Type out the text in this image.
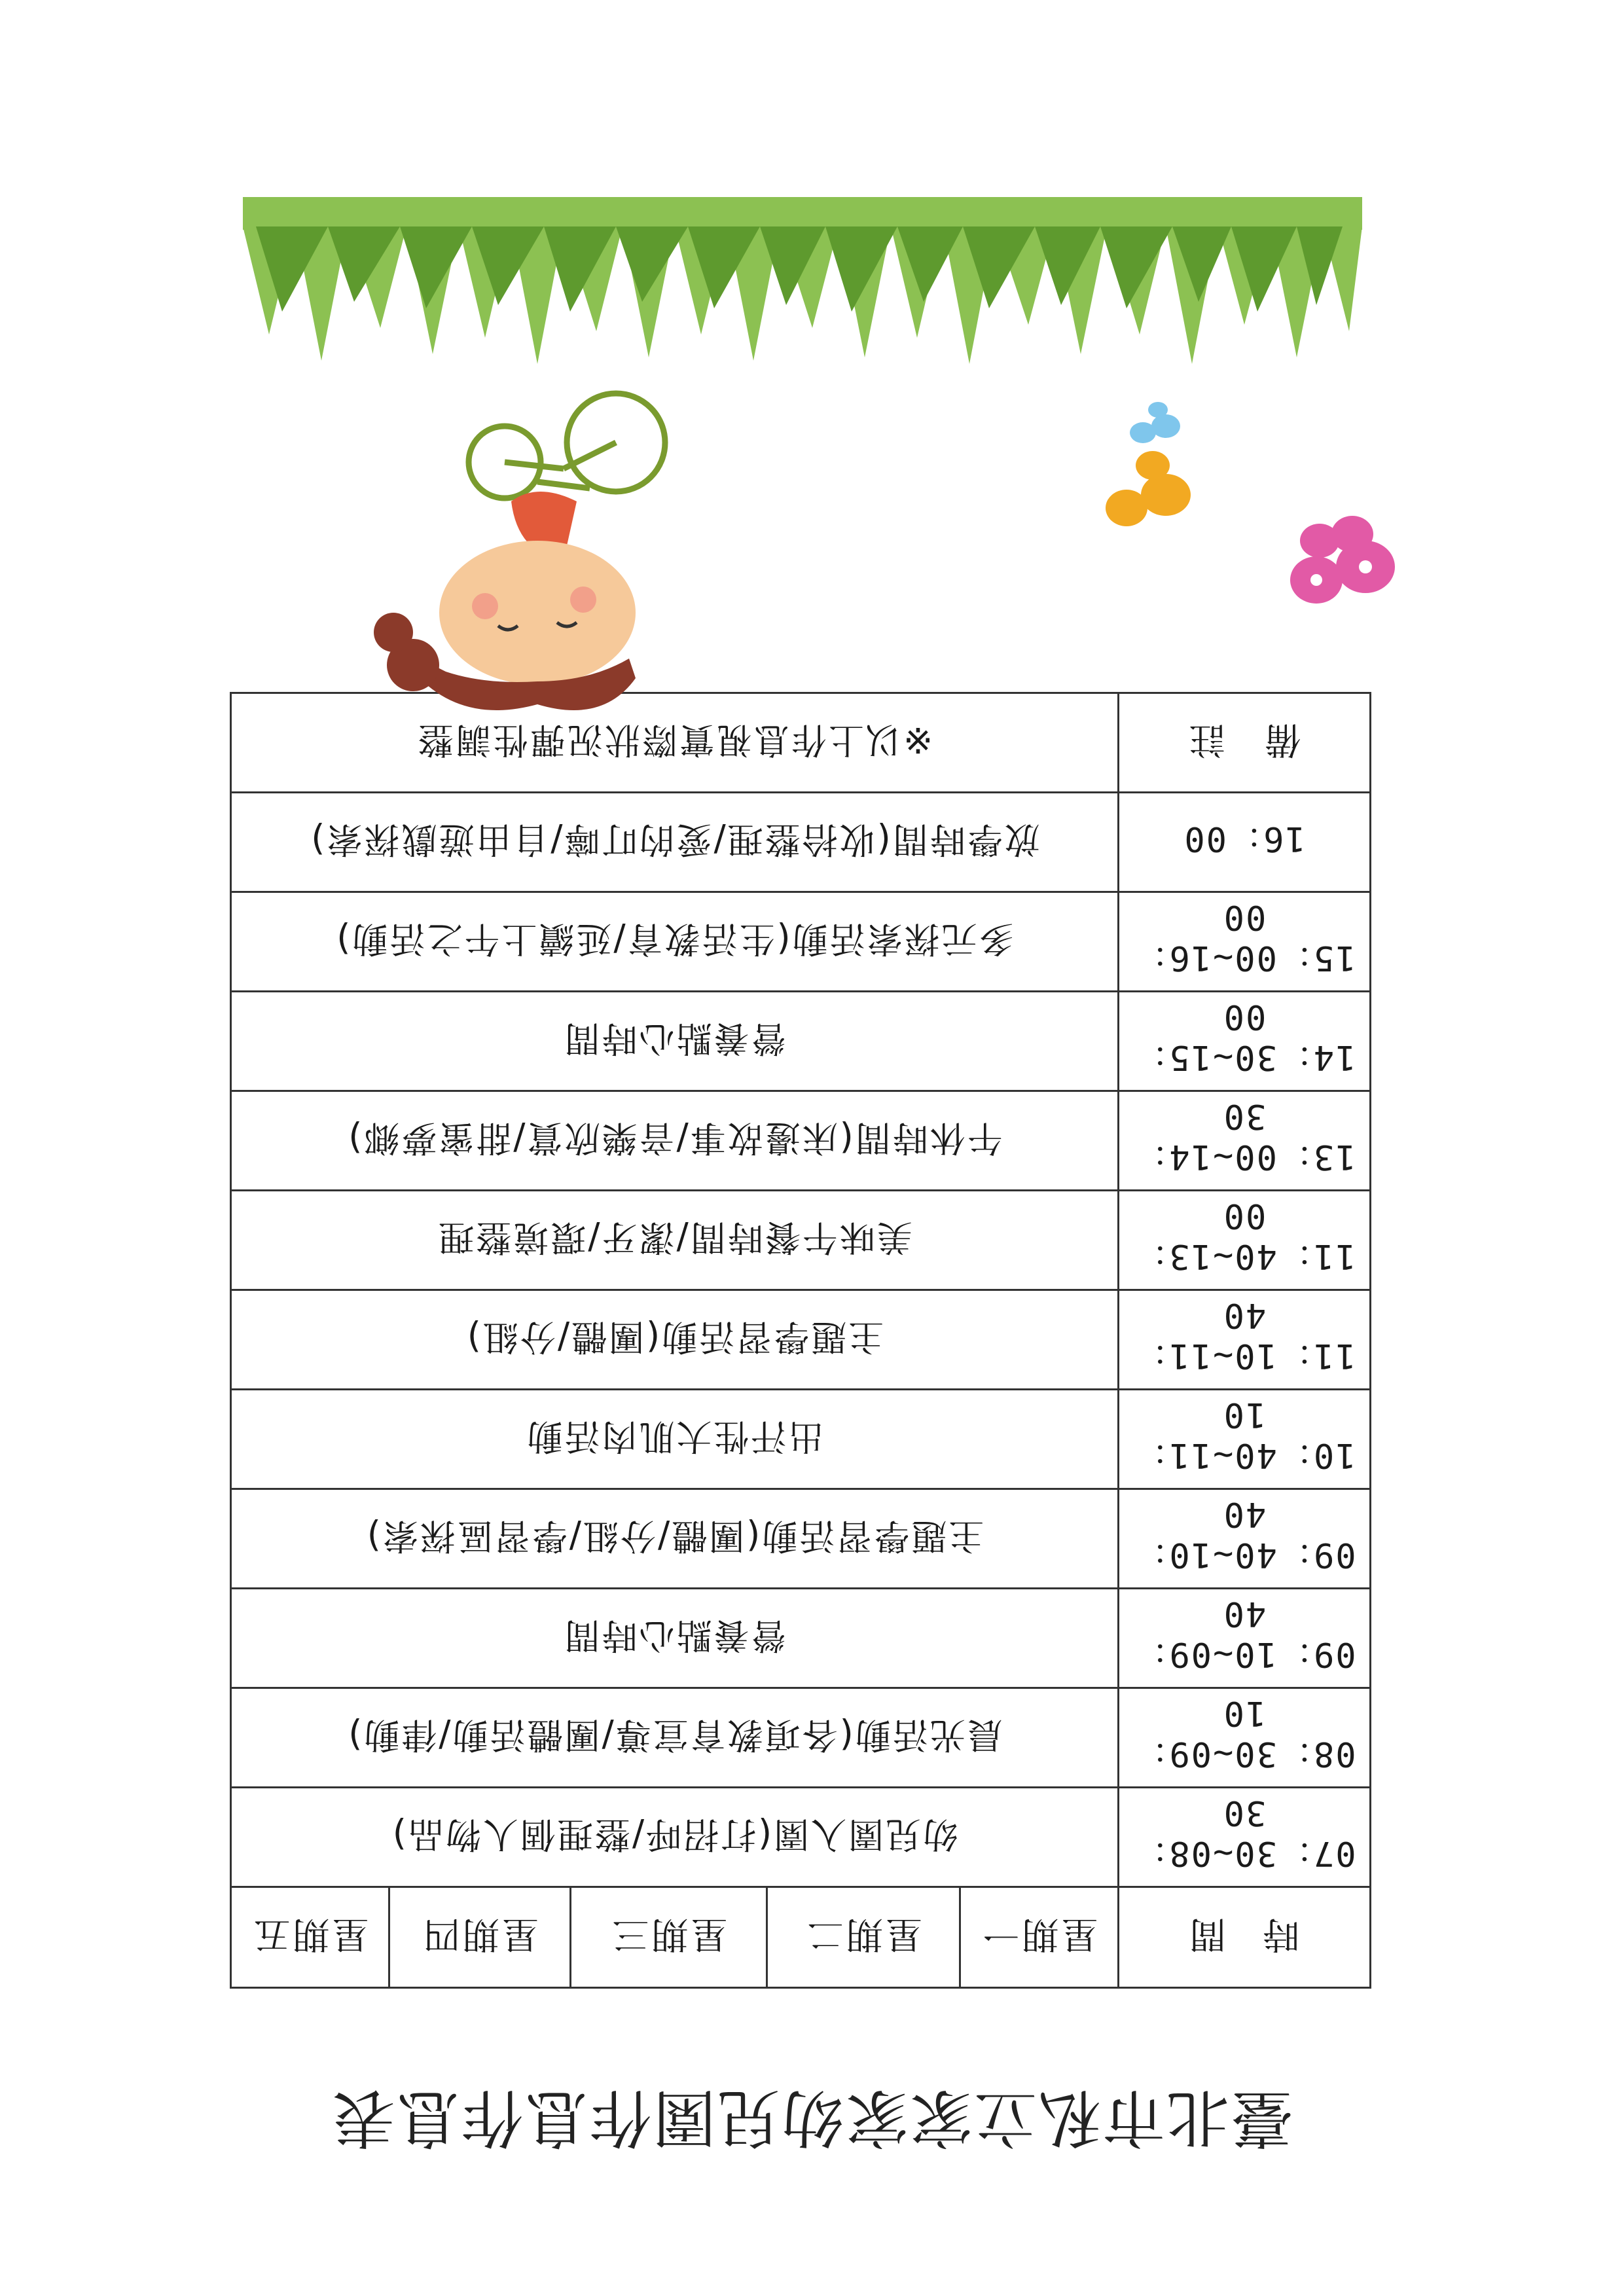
臺北市私立家家幼兒園作息作息表
時　間	星期一	星期二	星期三	星期四	星期五
07：30~08：30	幼兒園入園(打招呼/整理個人物品)				
08：30~09：10	晨光活動(各項教育宣導/團體活動/律動)				
09：10~09：40	營養點心時間				
09：40~10：40	主題學習活動(團體/分組/學習區探索)				
10：40~11：10	出汗性大肌肉活動				
11：10~11：40	主題學習活動(團體/分組)				
11：40~13：00	美味午餐時間/潔牙/環境整理				
13：00~14：30	午休時間(床邊故事/音樂欣賞/甜蜜夢鄉)				
14：30~15：00	營養點心時間				
15：00~16：00	多元探索活動(生活教育/延續上午之活動)				
16：00	放學時間(收拾整理/愛的叮嚀/自由遊戲探索)				
備　註	※以上作息視實際狀況彈性調整				
